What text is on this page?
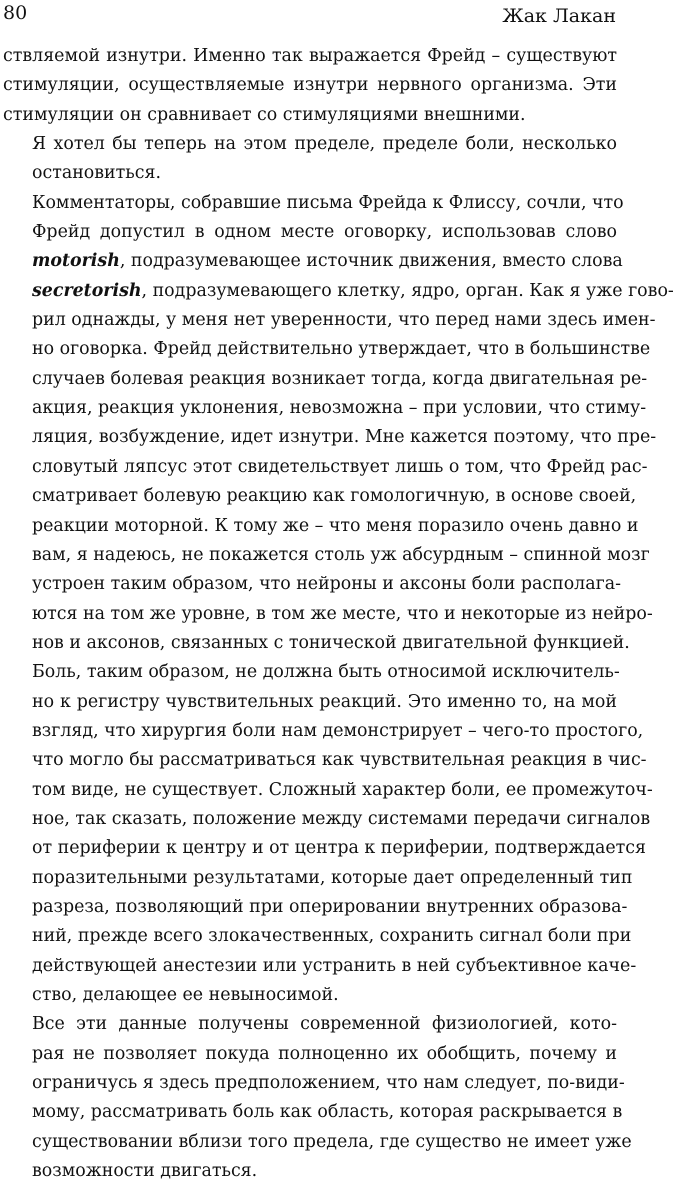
80	Жак Лакан

ствляемой изнутри. Именно так выражается Фрейд – существуют
стимуляции, осуществляемые изнутри нервного организма. Эти
стимуляции он сравнивает со стимуляциями внешними.

Я хотел бы теперь на этом пределе, пределе боли, несколько
остановиться.

Комментаторы, собравшие письма Фрейда к Флиссу, сочли, что
Фрейд допустил в одном месте оговорку, использовав слово
motorish, подразумевающее источник движения, вместо слова
secretorish, подразумевающего клетку, ядро, орган. Как я уже гово-
рил однажды, у меня нет уверенности, что перед нами здесь имен-
но оговорка. Фрейд действительно утверждает, что в большинстве
случаев болевая реакция возникает тогда, когда двигательная ре-
акция, реакция уклонения, невозможна – при условии, что стиму-
ляция, возбуждение, идет изнутри. Мне кажется поэтому, что пре-
словутый ляпсус этот свидетельствует лишь о том, что Фрейд рас-
сматривает болевую реакцию как гомологичную, в основе своей,
реакции моторной. К тому же – что меня поразило очень давно и
вам, я надеюсь, не покажется столь уж абсурдным – спинной мозг
устроен таким образом, что нейроны и аксоны боли располага-
ются на том же уровне, в том же месте, что и некоторые из нейро-
нов и аксонов, связанных с тонической двигательной функцией.

Боль, таким образом, не должна быть относимой исключитель-
но к регистру чувствительных реакций. Это именно то, на мой
взгляд, что хирургия боли нам демонстрирует – чего-то простого,
что могло бы рассматриваться как чувствительная реакция в чис-
том виде, не существует. Сложный характер боли, ее промежуточ-
ное, так сказать, положение между системами передачи сигналов
от периферии к центру и от центра к периферии, подтверждается
поразительными результатами, которые дает определенный тип
разреза, позволяющий при оперировании внутренних образова-
ний, прежде всего злокачественных, сохранить сигнал боли при
действующей анестезии или устранить в ней субъективное каче-
ство, делающее ее невыносимой.

Все эти данные получены современной физиологией, кото-
рая не позволяет покуда полноценно их обобщить, почему и
ограничусь я здесь предположением, что нам следует, по-види-
мому, рассматривать боль как область, которая раскрывается в
существовании вблизи того предела, где существо не имеет уже
возможности двигаться.
